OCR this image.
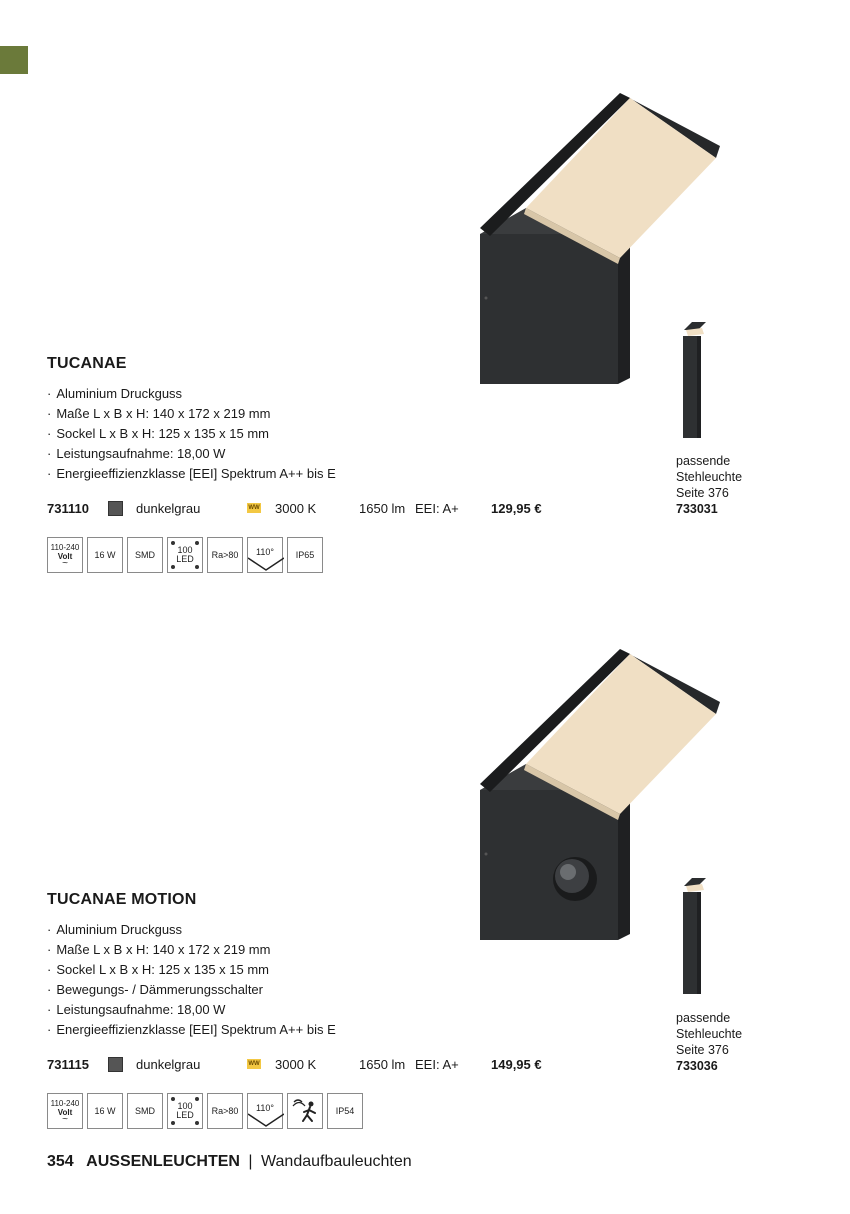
TUCANAE
· Aluminium Druckguss
· Maße L x B x H: 140 x 172 x 219 mm
· Sockel L x B x H: 125 x 135 x 15 mm
· Leistungsaufnahme: 18,00 W
· Energieeffizienzklasse [EEI] Spektrum A++ bis E
731110	dunkelgrau	WW 3000 K	1650 lm EEI: A+ 129,95 €
passende
Stehleuchte
Seite 376
733031
110-240
Volt
~
16 W SMD 100
LED Ra>80 110° IP65
TUCANAE MOTION
· Aluminium Druckguss
· Maße L x B x H: 140 x 172 x 219 mm
· Sockel L x B x H: 125 x 135 x 15 mm
· Bewegungs- / Dämmerungsschalter
· Leistungsaufnahme: 18,00 W
· Energieeffizienzklasse [EEI] Spektrum A++ bis E
731115	dunkelgrau	WW 3000 K	1650 lm EEI: A+ 149,95 €
passende
Stehleuchte
Seite 376
733036
110-240
Volt
~
16 W SMD 100
LED Ra>80 110°	IP54
354 AUSSENLEUCHTEN | Wandaufbauleuchten
